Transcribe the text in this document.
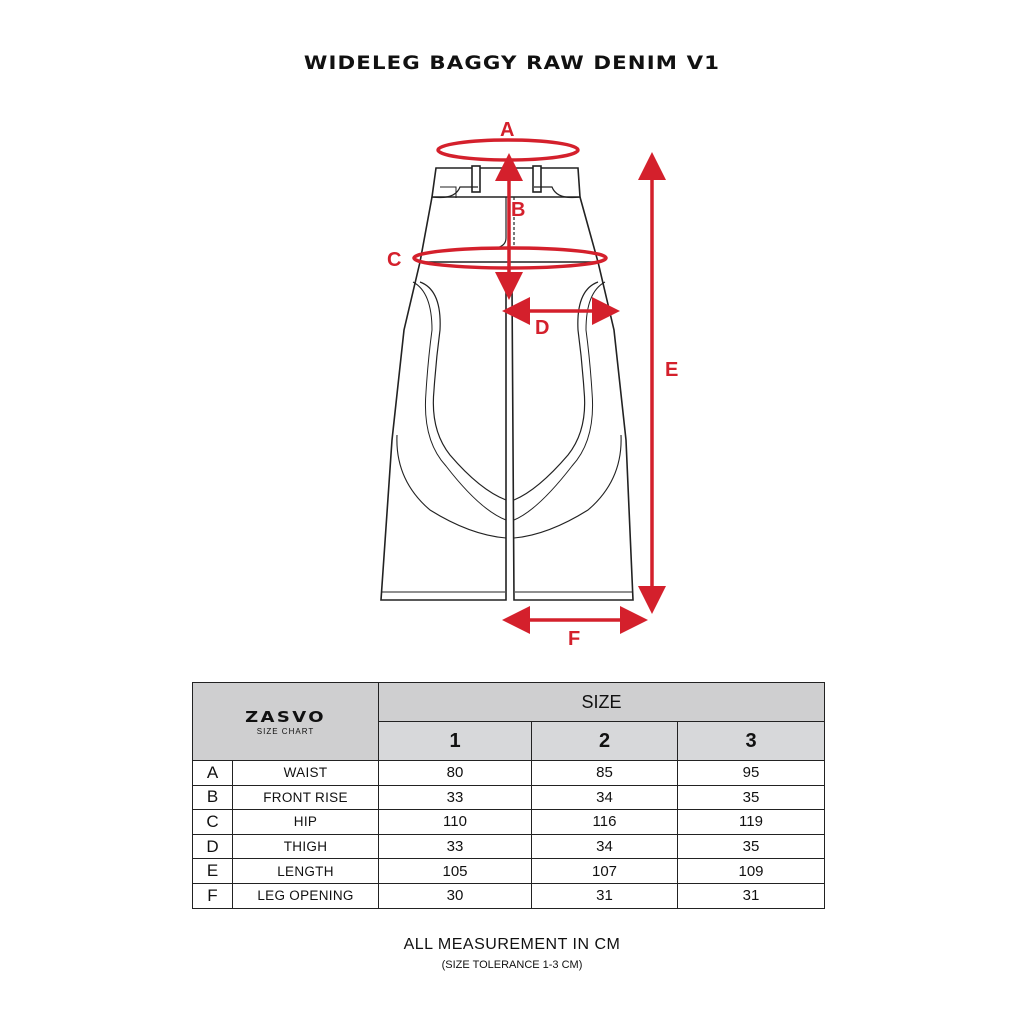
WIDELEG BAGGY RAW DENIM V1
A
B
C
D
E
F
ZASVO
SIZE CHART		SIZE		
		1	2	3
A	WAIST	80	85	95
B	FRONT RISE	33	34	35
C	HIP	110	116	119
D	THIGH	33	34	35
E	LENGTH	105	107	109
F	LEG OPENING	30	31	31
ALL MEASUREMENT IN CM
(SIZE TOLERANCE 1-3 CM)
